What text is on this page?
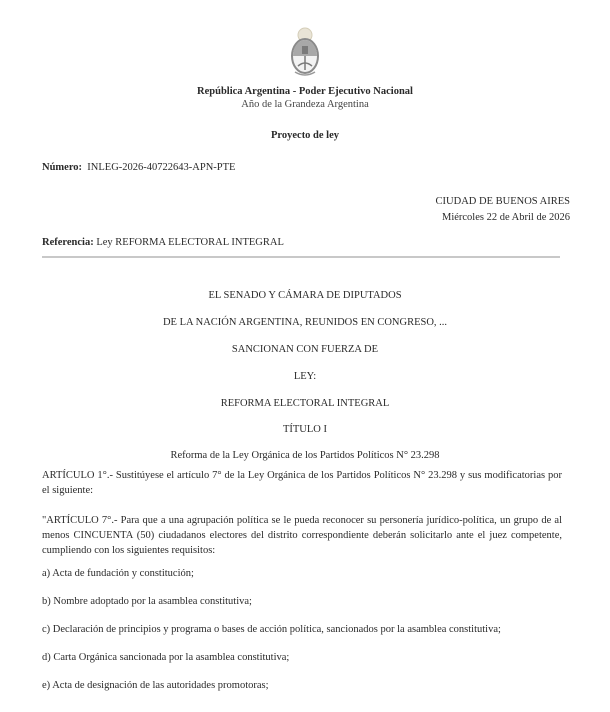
República Argentina - Poder Ejecutivo Nacional
Año de la Grandeza Argentina
Proyecto de ley
Número: INLEG-2026-40722643-APN-PTE
CIUDAD DE BUENOS AIRES
Miércoles 22 de Abril de 2026
Referencia: Ley REFORMA ELECTORAL INTEGRAL
EL SENADO Y CÁMARA DE DIPUTADOS
DE LA NACIÓN ARGENTINA, REUNIDOS EN CONGRESO, ...
SANCIONAN CON FUERZA DE
LEY:
REFORMA ELECTORAL INTEGRAL
TÍTULO I
Reforma de la Ley Orgánica de los Partidos Políticos N° 23.298
ARTÍCULO 1°.- Sustitúyese el artículo 7° de la Ley Orgánica de los Partidos Políticos N° 23.298 y sus modificatorias por el siguiente:
"ARTÍCULO 7°.- Para que a una agrupación política se le pueda reconocer su personería jurídico-política, un grupo de al menos CINCUENTA (50) ciudadanos electores del distrito correspondiente deberán solicitarlo ante el juez competente, cumpliendo con los siguientes requisitos:
a) Acta de fundación y constitución;
b) Nombre adoptado por la asamblea constitutiva;
c) Declaración de principios y programa o bases de acción política, sancionados por la asamblea constitutiva;
d) Carta Orgánica sancionada por la asamblea constitutiva;
e) Acta de designación de las autoridades promotoras;
